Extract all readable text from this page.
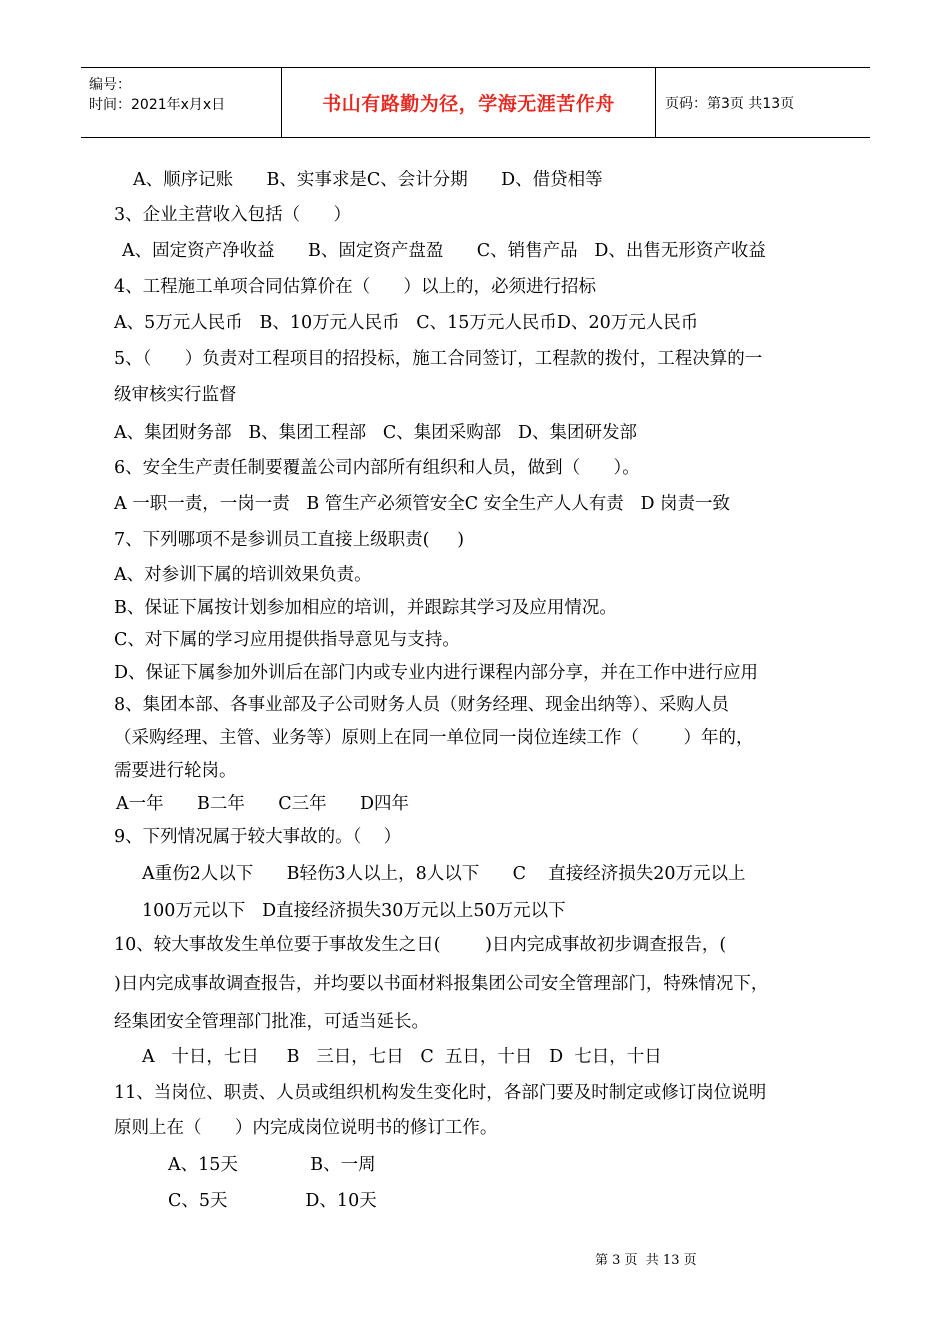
编号：
时间：2021年x月x日	书山有路勤为径，学海无涯苦作舟	页码：第3页 共13页
A、顺序记账      B、实事求是C、会计分期      D、借贷相等
3、企业主营收入包括（      ）
A、固定资产净收益      B、固定资产盘盈      C、销售产品   D、出售无形资产收益
4、工程施工单项合同估算价在（      ）以上的，必须进行招标
A、5万元人民币   B、10万元人民币   C、15万元人民币D、20万元人民币
5、（      ）负责对工程项目的招投标，施工合同签订，工程款的拨付，工程决算的一
级审核实行监督
A、集团财务部   B、集团工程部   C、集团采购部   D、集团研发部
6、安全生产责任制要覆盖公司内部所有组织和人员，做到（      ）。
A 一职一责，一岗一责   B 管生产必须管安全C 安全生产人人有责   D 岗责一致
7、下列哪项不是参训员工直接上级职责(     )
A、对参训下属的培训效果负责。
B、保证下属按计划参加相应的培训，并跟踪其学习及应用情况。
C、对下属的学习应用提供指导意见与支持。
D、保证下属参加外训后在部门内或专业内进行课程内部分享，并在工作中进行应用
8、集团本部、各事业部及子公司财务人员（财务经理、现金出纳等）、采购人员
（采购经理、主管、业务等）原则上在同一单位同一岗位连续工作（        ）年的，
需要进行轮岗。
A一年      B二年      C三年      D四年
9、下列情况属于较大事故的。（    ）
A重伤2人以下      B轻伤3人以上，8人以下      C    直接经济损失20万元以上
100万元以下   D直接经济损失30万元以上50万元以下
10、较大事故发生单位要于事故发生之日(        )日内完成事故初步调查报告，(
)日内完成事故调查报告，并均要以书面材料报集团公司安全管理部门，特殊情况下，
经集团安全管理部门批准，可适当延长。
A   十日，七日     B   三日，七日   C  五日，十日   D  七日，十日
11、当岗位、职责、人员或组织机构发生变化时，各部门要及时制定或修订岗位说明
原则上在（      ）内完成岗位说明书的修订工作。
A、15天             B、一周
C、5天              D、10天
第 3 页  共 13 页
